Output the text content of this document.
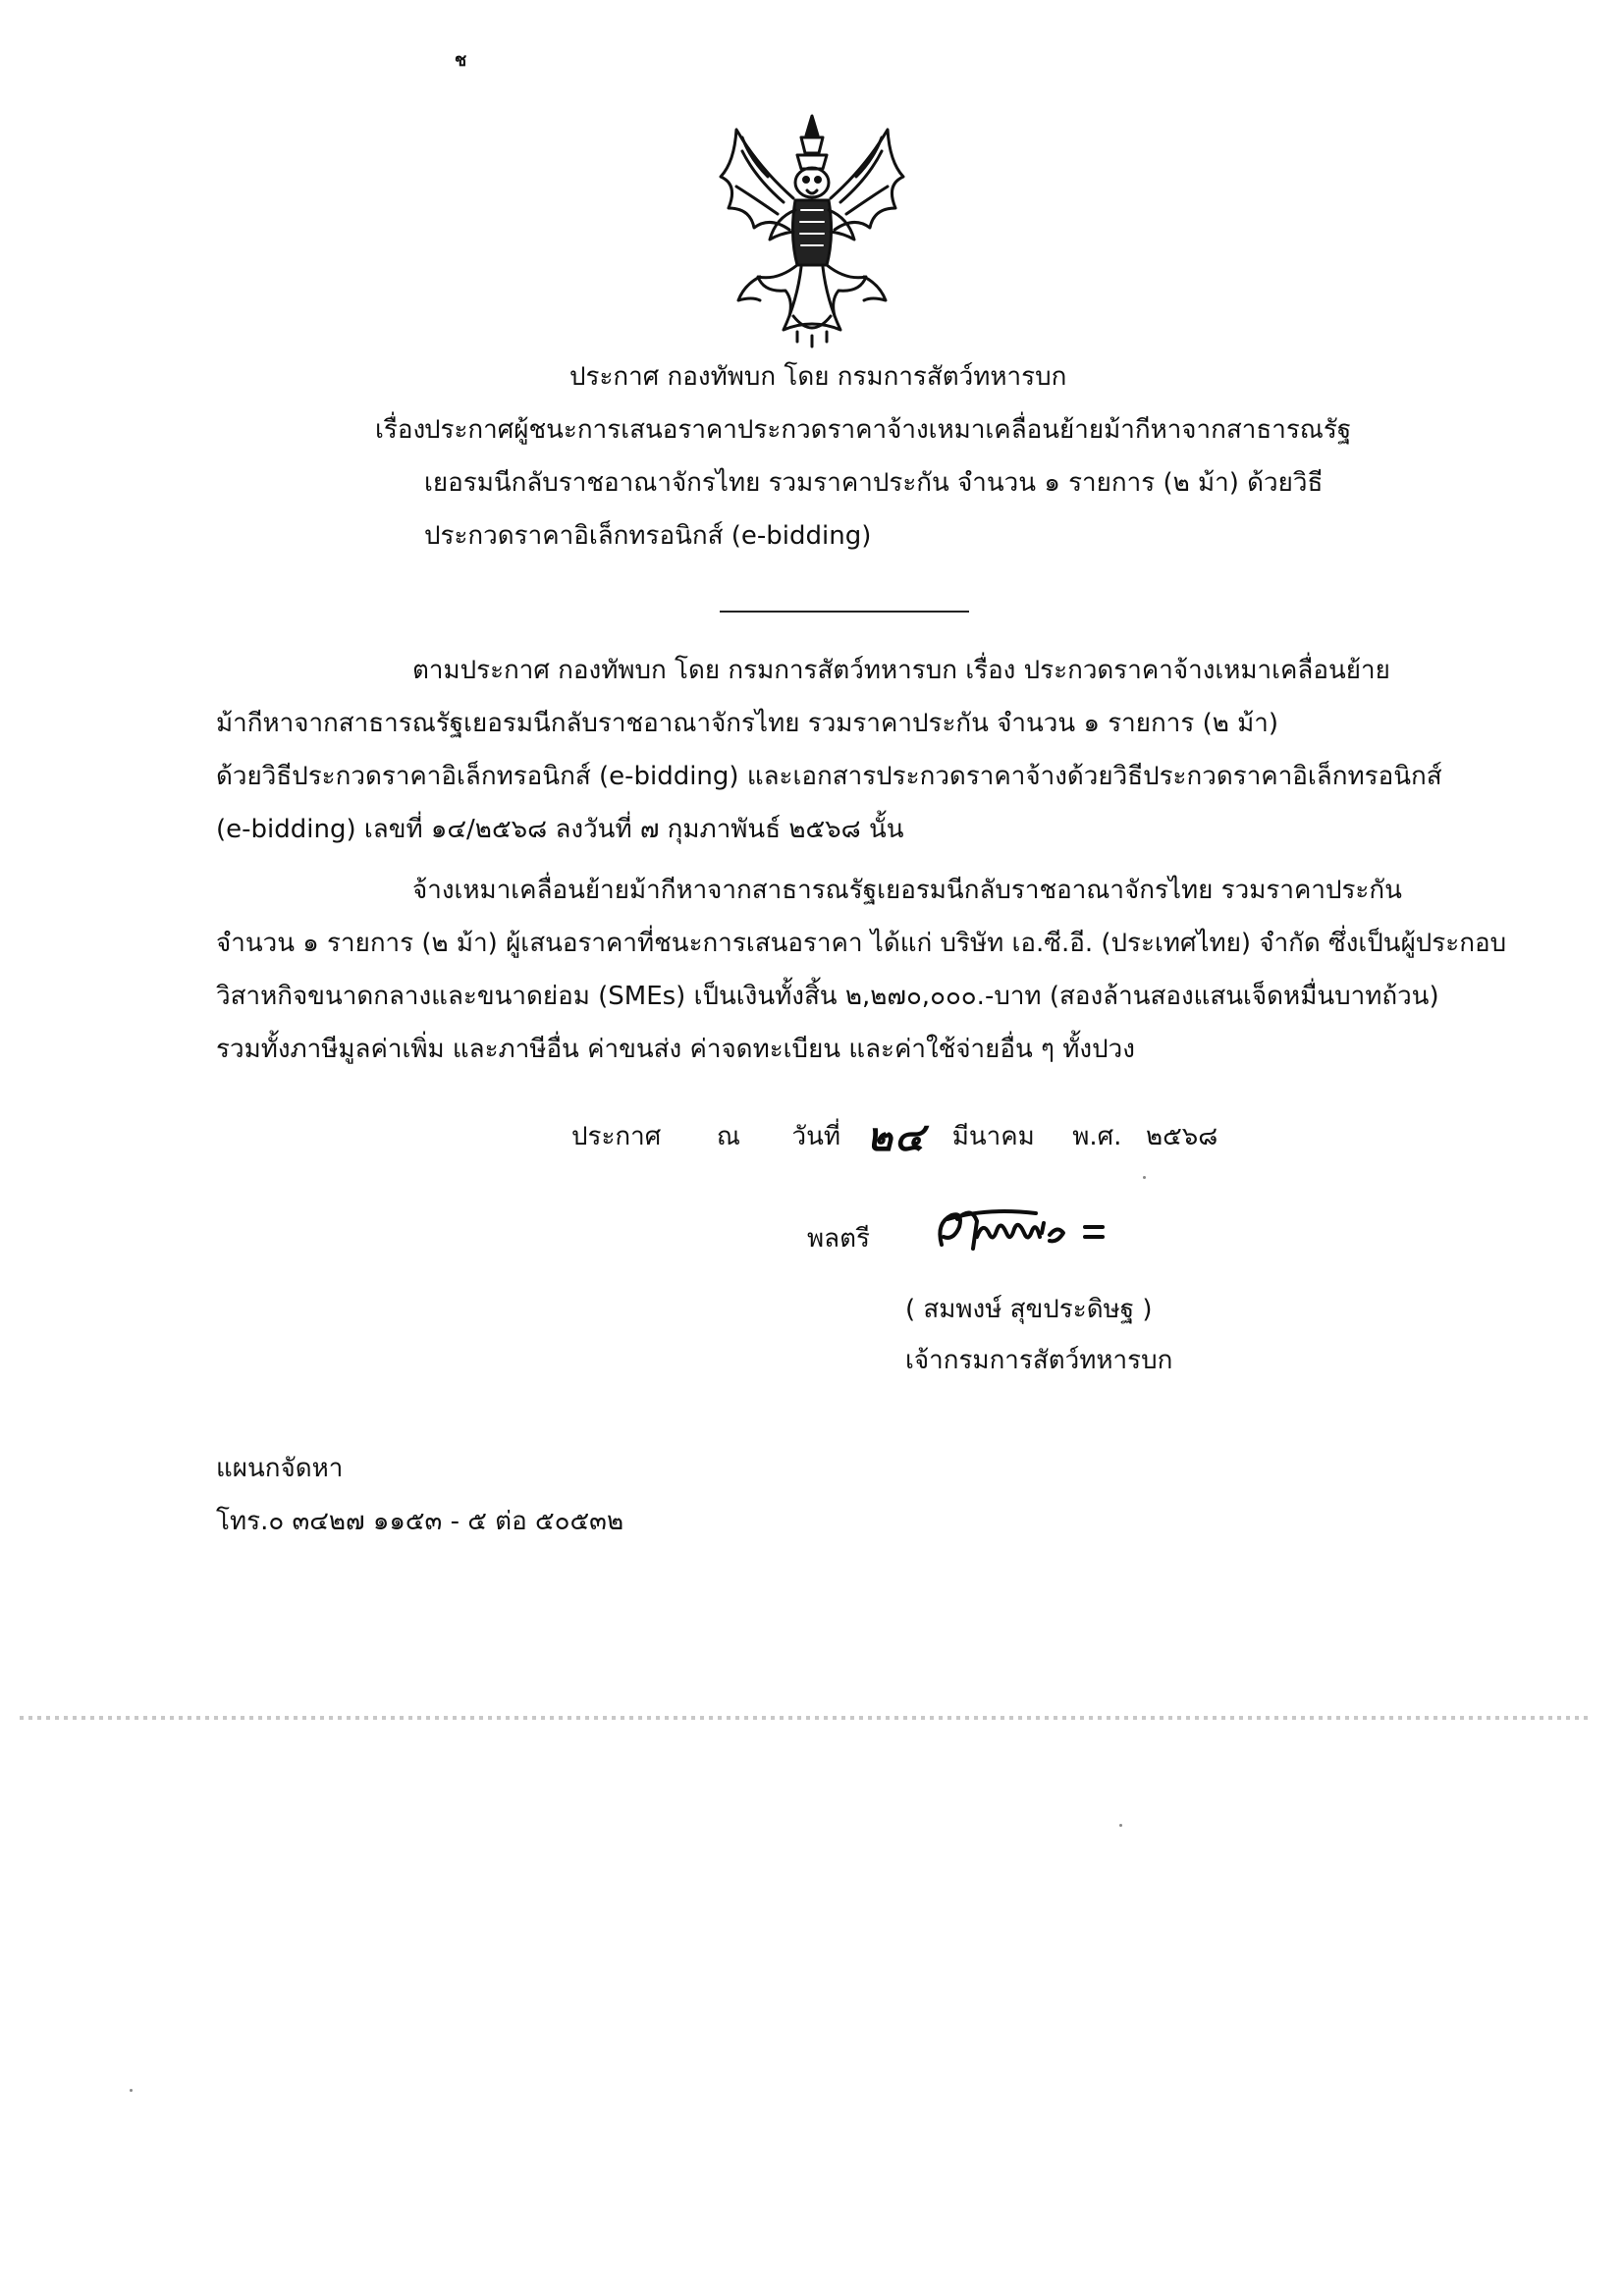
ช
ประกาศ กองทัพบก โดย กรมการสัตว์ทหารบก
เรื่อง
ประกาศผู้ชนะการเสนอราคาประกวดราคาจ้างเหมาเคลื่อนย้ายม้ากีหาจากสาธารณรัฐ
เยอรมนีกลับราชอาณาจักรไทย รวมราคาประกัน จำนวน ๑ รายการ (๒ ม้า) ด้วยวิธี
ประกวดราคาอิเล็กทรอนิกส์ (e-bidding)
ตามประกาศ กองทัพบก โดย กรมการสัตว์ทหารบก เรื่อง ประกวดราคาจ้างเหมาเคลื่อนย้าย
ม้ากีหาจากสาธารณรัฐเยอรมนีกลับราชอาณาจักรไทย รวมราคาประกัน จำนวน ๑ รายการ (๒ ม้า)
ด้วยวิธีประกวดราคาอิเล็กทรอนิกส์ (e-bidding) และเอกสารประกวดราคาจ้างด้วยวิธีประกวดราคาอิเล็กทรอนิกส์
(e-bidding) เลขที่ ๑๔/๒๕๖๘ ลงวันที่ ๗ กุมภาพันธ์ ๒๕๖๘ นั้น
จ้างเหมาเคลื่อนย้ายม้ากีหาจากสาธารณรัฐเยอรมนีกลับราชอาณาจักรไทย รวมราคาประกัน
จำนวน ๑ รายการ (๒ ม้า) ผู้เสนอราคาที่ชนะการเสนอราคา ได้แก่ บริษัท เอ.ซี.อี. (ประเทศไทย) จำกัด ซึ่งเป็นผู้ประกอบ
วิสาหกิจขนาดกลางและขนาดย่อม (SMEs) เป็นเงินทั้งสิ้น ๒,๒๗๐,๐๐๐.-บาท (สองล้านสองแสนเจ็ดหมื่นบาทถ้วน)
รวมทั้งภาษีมูลค่าเพิ่ม และภาษีอื่น ค่าขนส่ง ค่าจดทะเบียน และค่าใช้จ่ายอื่น ๆ ทั้งปวง
ประกาศ ณ วันที่ ๒๔ มีนาคม พ.ศ. ๒๕๖๘
พลตรี
( สมพงษ์ สุขประดิษฐ )
เจ้ากรมการสัตว์ทหารบก
แผนกจัดหา
โทร.๐ ๓๔๒๗ ๑๑๕๓ - ๕ ต่อ ๕๐๕๓๒
